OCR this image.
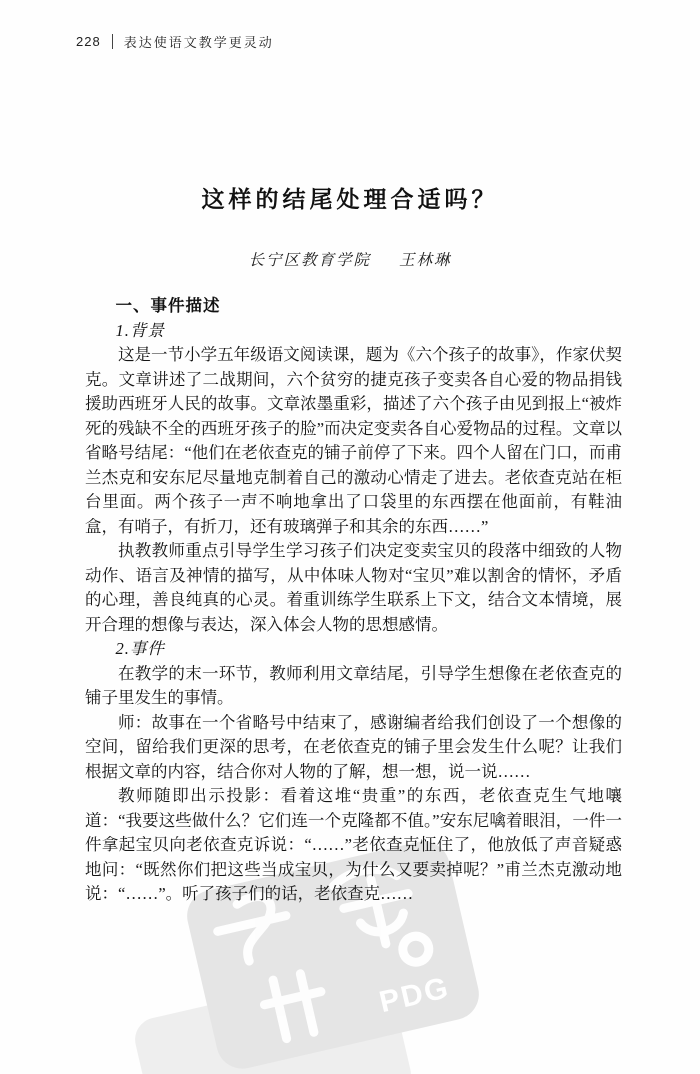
228 表达使语文教学更灵动
这样的结尾处理合适吗？
长宁区教育学院 王林琳
一、事件描述
1.背景

这是一节小学五年级语文阅读课，题为《六个孩子的故事》，作家伏契克。文章讲述了二战期间，六个贫穷的捷克孩子变卖各自心爱的物品捐钱援助西班牙人民的故事。文章浓墨重彩，描述了六个孩子由见到报上“被炸死的残缺不全的西班牙孩子的脸”而决定变卖各自心爱物品的过程。文章以省略号结尾：“他们在老依查克的铺子前停了下来。四个人留在门口，而甫兰杰克和安东尼尽量地克制着自己的激动心情走了进去。老依查克站在柜台里面。两个孩子一声不响地拿出了口袋里的东西摆在他面前，有鞋油盒，有哨子，有折刀，还有玻璃弹子和其余的东西……”

执教教师重点引导学生学习孩子们决定变卖宝贝的段落中细致的人物动作、语言及神情的描写，从中体味人物对“宝贝”难以割舍的情怀，矛盾的心理，善良纯真的心灵。着重训练学生联系上下文，结合文本情境，展开合理的想像与表达，深入体会人物的思想感情。

2.事件

在教学的末一环节，教师利用文章结尾，引导学生想像在老依查克的铺子里发生的事情。

师：故事在一个省略号中结束了，感谢编者给我们创设了一个想像的空间，留给我们更深的思考，在老依查克的铺子里会发生什么呢？让我们根据文章的内容，结合你对人物的了解，想一想，说一说……

教师随即出示投影：看着这堆“贵重”的东西，老依查克生气地嚷道：“我要这些做什么？它们连一个克隆都不值。”安东尼噙着眼泪，一件一件拿起宝贝向老依查克诉说：“……”老依查克怔住了，他放低了声音疑惑地问：“既然你们把这些当成宝贝，为什么又要卖掉呢？”甫兰杰克激动地说：“……”。听了孩子们的话，老依查克……

PDG
